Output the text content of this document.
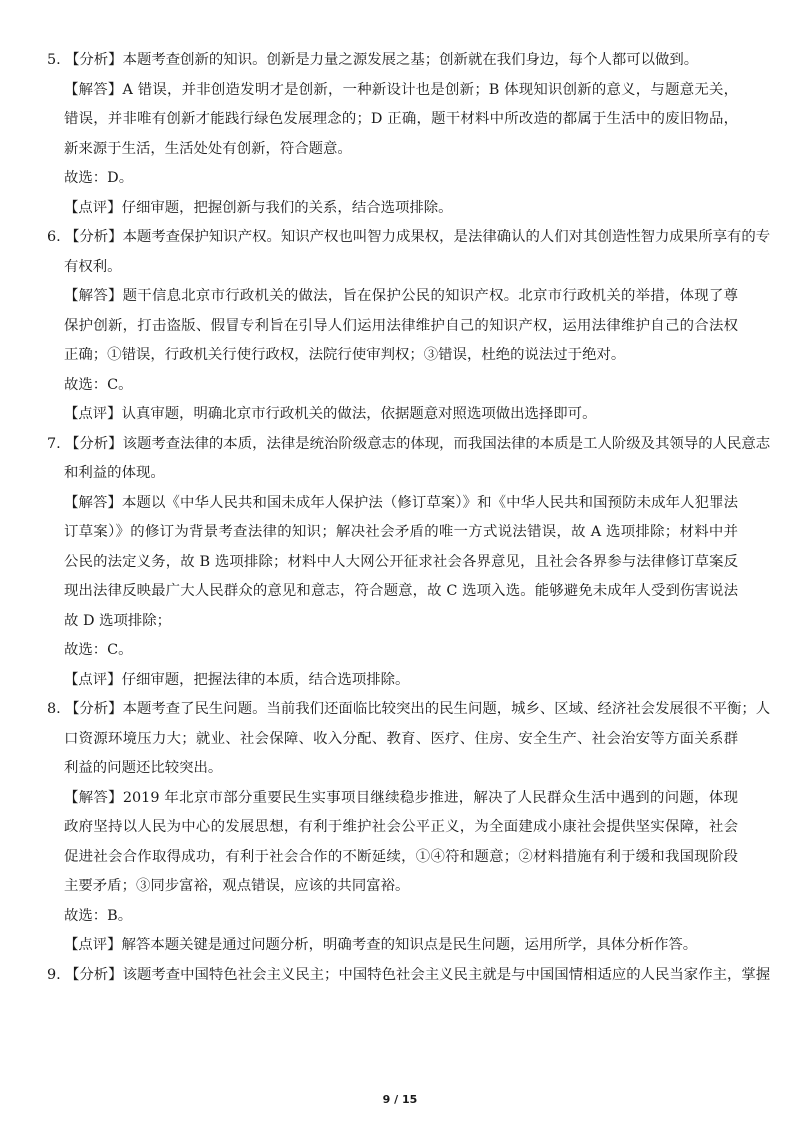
5. 【分析】本题考查创新的知识。创新是力量之源发展之基；创新就在我们身边，每个人都可以做到。
【解答】A 错误，并非创造发明才是创新，一种新设计也是创新；B 体现知识创新的意义，与题意无关，
错误，并非唯有创新才能践行绿色发展理念的；D 正确，题干材料中所改造的都属于生活中的废旧物品，
新来源于生活，生活处处有创新，符合题意。
故选：D。
【点评】仔细审题，把握创新与我们的关系，结合选项排除。
6. 【分析】本题考查保护知识产权。知识产权也叫智力成果权，是法律确认的人们对其创造性智力成果所享有的专
有权利。
【解答】题干信息北京市行政机关的做法，旨在保护公民的知识产权。北京市行政机关的举措，体现了尊
保护创新，打击盗版、假冒专利旨在引导人们运用法律维护自己的知识产权，运用法律维护自己的合法权
正确；①错误，行政机关行使行政权，法院行使审判权；③错误，杜绝的说法过于绝对。
故选：C。
【点评】认真审题，明确北京市行政机关的做法，依据题意对照选项做出选择即可。
7. 【分析】该题考查法律的本质，法律是统治阶级意志的体现，而我国法律的本质是工人阶级及其领导的人民意志
和利益的体现。
【解答】本题以《中华人民共和国未成年人保护法（修订草案）》和《中华人民共和国预防未成年人犯罪法
订草案）》的修订为背景考查法律的知识；解决社会矛盾的唯一方式说法错误，故 A 选项排除；材料中并
公民的法定义务，故 B 选项排除；材料中人大网公开征求社会各界意见，且社会各界参与法律修订草案反
现出法律反映最广大人民群众的意见和意志，符合题意，故 C 选项入选。能够避免未成年人受到伤害说法
故 D 选项排除；
故选：C。
【点评】仔细审题，把握法律的本质，结合选项排除。
8. 【分析】本题考查了民生问题。当前我们还面临比较突出的民生问题，城乡、区域、经济社会发展很不平衡；人
口资源环境压力大；就业、社会保障、收入分配、教育、医疗、住房、安全生产、社会治安等方面关系群
利益的问题还比较突出。
【解答】2019 年北京市部分重要民生实事项目继续稳步推进，解决了人民群众生活中遇到的问题，体现
政府坚持以人民为中心的发展思想，有利于维护社会公平正义，为全面建成小康社会提供坚实保障，社会
促进社会合作取得成功，有利于社会合作的不断延续，①④符和题意；②材料措施有利于缓和我国现阶段
主要矛盾；③同步富裕，观点错误，应该的共同富裕。
故选：B。
【点评】解答本题关键是通过问题分析，明确考查的知识点是民生问题，运用所学，具体分析作答。
9. 【分析】该题考查中国特色社会主义民主；中国特色社会主义民主就是与中国国情相适应的人民当家作主，掌握
9 / 15
